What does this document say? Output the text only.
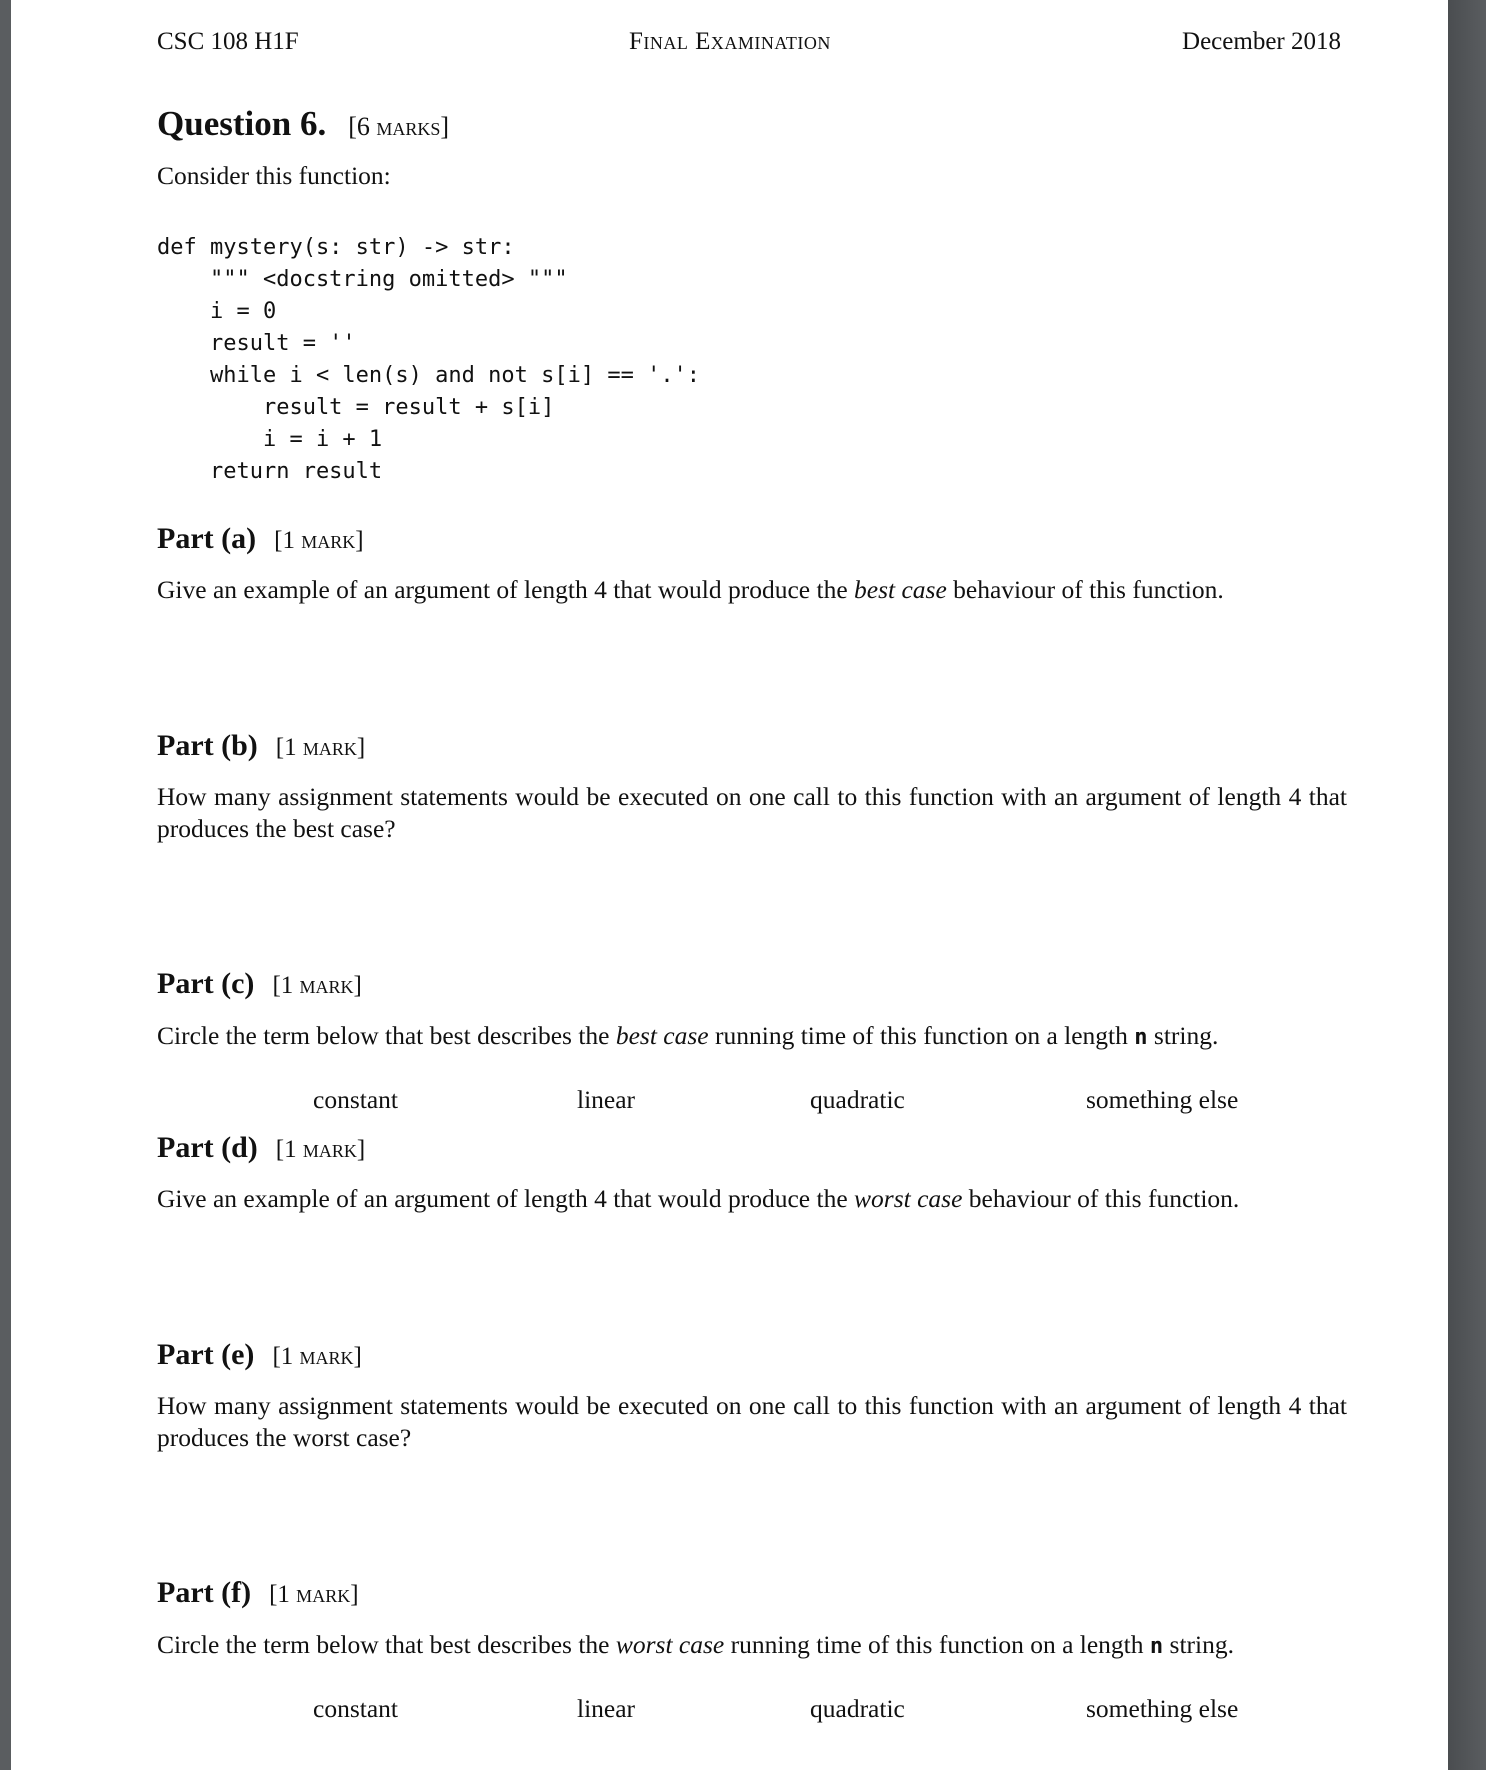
CSC 108 H1F	Final Examination	December 2018
Question 6. [6 marks]
Consider this function:
def mystery(s: str) -> str:
""" <docstring omitted> """
i = 0
result = ''
while i < len(s) and not s[i] == '.':
result = result + s[i]
i = i + 1
return result
Part (a) [1 mark]
Give an example of an argument of length 4 that would produce the best case behaviour of this function.
Part (b) [1 mark]
How many assignment statements would be executed on one call to this function with an argument of length 4 that produces the best case?
Part (c) [1 mark]
Circle the term below that best describes the best case running time of this function on a length n string.
constant	linear	quadratic	something else
Part (d) [1 mark]
Give an example of an argument of length 4 that would produce the worst case behaviour of this function.
Part (e) [1 mark]
How many assignment statements would be executed on one call to this function with an argument of length 4 that produces the worst case?
Part (f) [1 mark]
Circle the term below that best describes the worst case running time of this function on a length n string.
constant	linear	quadratic	something else
